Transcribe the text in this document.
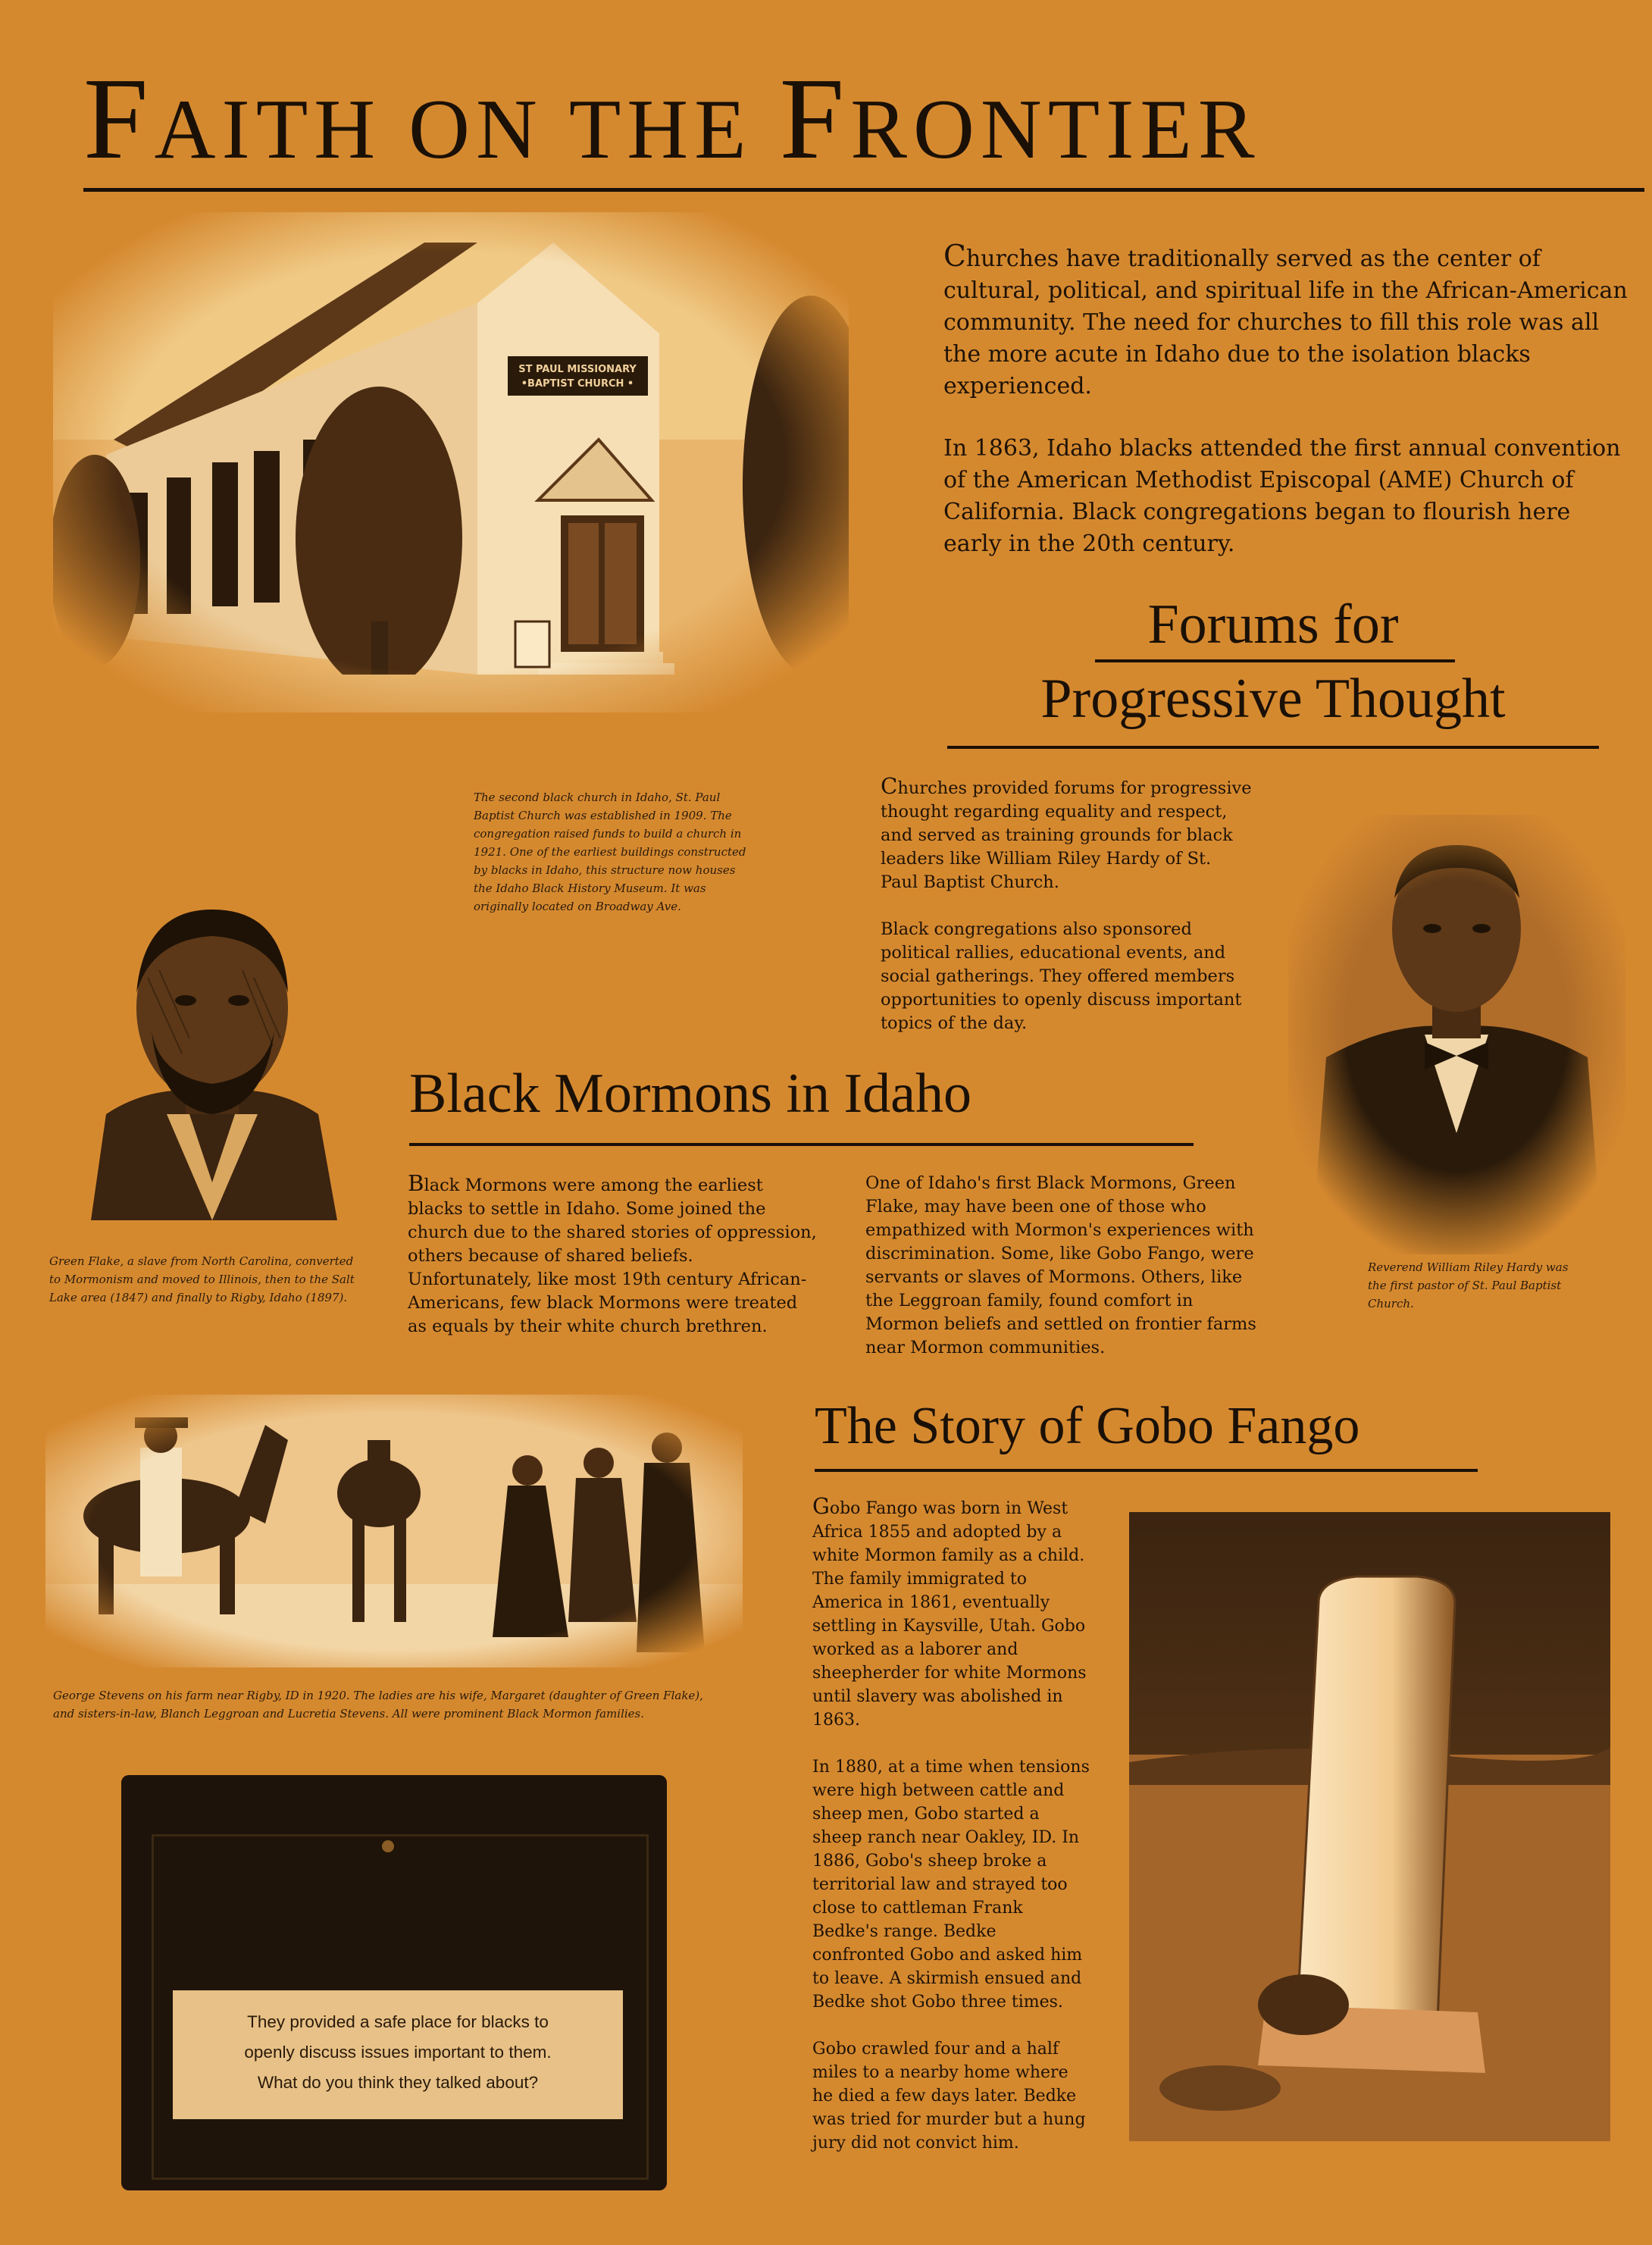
FAITH ON THE FRONTIER

Churches have traditionally served as the center of cultural, political, and spiritual life in the African-American community. The need for churches to fill this role was all the more acute in Idaho due to the isolation blacks experienced.

In 1863, Idaho blacks attended the first annual convention of the American Methodist Episcopal (AME) Church of California. Black congregations began to flourish here early in the 20th century.

Forums for
Progressive Thought
The second black church in Idaho, St. Paul Baptist Church was established in 1909. The congregation raised funds to build a church in 1921. One of the earliest buildings constructed by blacks in Idaho, this structure now houses the Idaho Black History Museum. It was originally located on Broadway Ave.

Churches provided forums for progressive thought regarding equality and respect, and served as training grounds for black leaders like William Riley Hardy of St. Paul Baptist Church.

Black congregations also sponsored political rallies, educational events, and social gatherings. They offered members opportunities to openly discuss important topics of the day.

Green Flake, a slave from North Carolina, converted to Mormonism and moved to Illinois, then to the Salt Lake area (1847) and finally to Rigby, Idaho (1897).
Reverend William Riley Hardy was the first pastor of St. Paul Baptist Church.
Black Mormons in Idaho

Black Mormons were among the earliest blacks to settle in Idaho. Some joined the church due to the shared stories of oppression, others because of shared beliefs. Unfortunately, like most 19th century African-Americans, few black Mormons were treated as equals by their white church brethren.

One of Idaho's first Black Mormons, Green Flake, may have been one of those who empathized with Mormon's experiences with discrimination. Some, like Gobo Fango, were servants or slaves of Mormons. Others, like the Leggroan family, found comfort in Mormon beliefs and settled on frontier farms near Mormon communities.

George Stevens on his farm near Rigby, ID in 1920. The ladies are his wife, Margaret (daughter of Green Flake), and sisters-in-law, Blanch Leggroan and Lucretia Stevens. All were prominent Black Mormon families.
The Story of Gobo Fango

Gobo Fango was born in West Africa 1855 and adopted by a white Mormon family as a child. The family immigrated to America in 1861, eventually settling in Kaysville, Utah. Gobo worked as a laborer and sheepherder for white Mormons until slavery was abolished in 1863.

In 1880, at a time when tensions were high between cattle and sheep men, Gobo started a sheep ranch near Oakley, ID. In 1886, Gobo's sheep broke a territorial law and strayed too close to cattleman Frank Bedke's range. Bedke confronted Gobo and asked him to leave. A skirmish ensued and Bedke shot Gobo three times.

Gobo crawled four and a half miles to a nearby home where he died a few days later. Bedke was tried for murder but a hung jury did not convict him.

They provided a safe place for blacks to
openly discuss issues important to them.
What do you think they talked about?
